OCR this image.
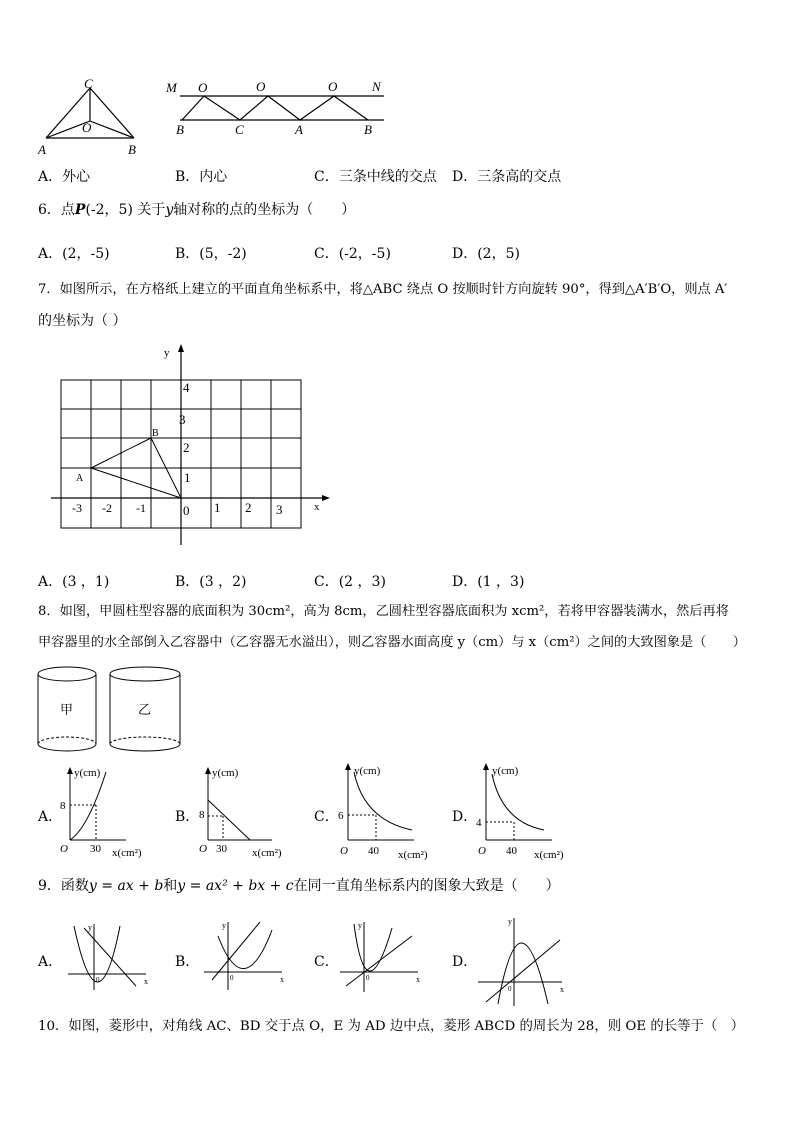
C
O
A	B
M O	O	O	N
B	C	A	B
A．外心	B．内心	C．三条中线的交点 D．三条高的交点
6．点P(-2，5) 关于y轴对称的点的坐标为（　　）
A．(2，-5)	B．(5，-2)	C．(-2，-5)	D．(2，5)
7．如图所示，在方格纸上建立的平面直角坐标系中，将△ABC 绕点 O 按顺时针方向旋转 90°，得到△A′B′O，则点 A′
的坐标为（ ）
y
x
4
3
2
1
-3 -2 -1	0 1 2 3
A
B
A．(3 ，1)	B．(3 ，2)	C．(2 ，3)	D．(1 ，3)
8．如图，甲圆柱型容器的底面积为 30cm²，高为 8cm，乙圆柱型容器底面积为 xcm²，若将甲容器装满水，然后再将
甲容器里的水全部倒入乙容器中（乙容器无水溢出），则乙容器水面高度 y（cm）与 x（cm²）之间的大致图象是（　　）
甲	乙
A．
y(cm)
8
O 30 x(cm²)
B．
y(cm)
8
O 30 x(cm²)
C．
y(cm)
6
O 40 x(cm²)
D．
y(cm)
4
O 40 x(cm²)
9．函数y = ax + b和y = ax² + bx + c在同一直角坐标系内的图象大致是（　　）
A．
y
x
0
B．
y
x
0
C．
y
x
0
D．
y
x
0
10．如图，菱形中，对角线 AC、BD 交于点 O，E 为 AD 边中点，菱形 ABCD 的周长为 28，则 OE 的长等于（　）
